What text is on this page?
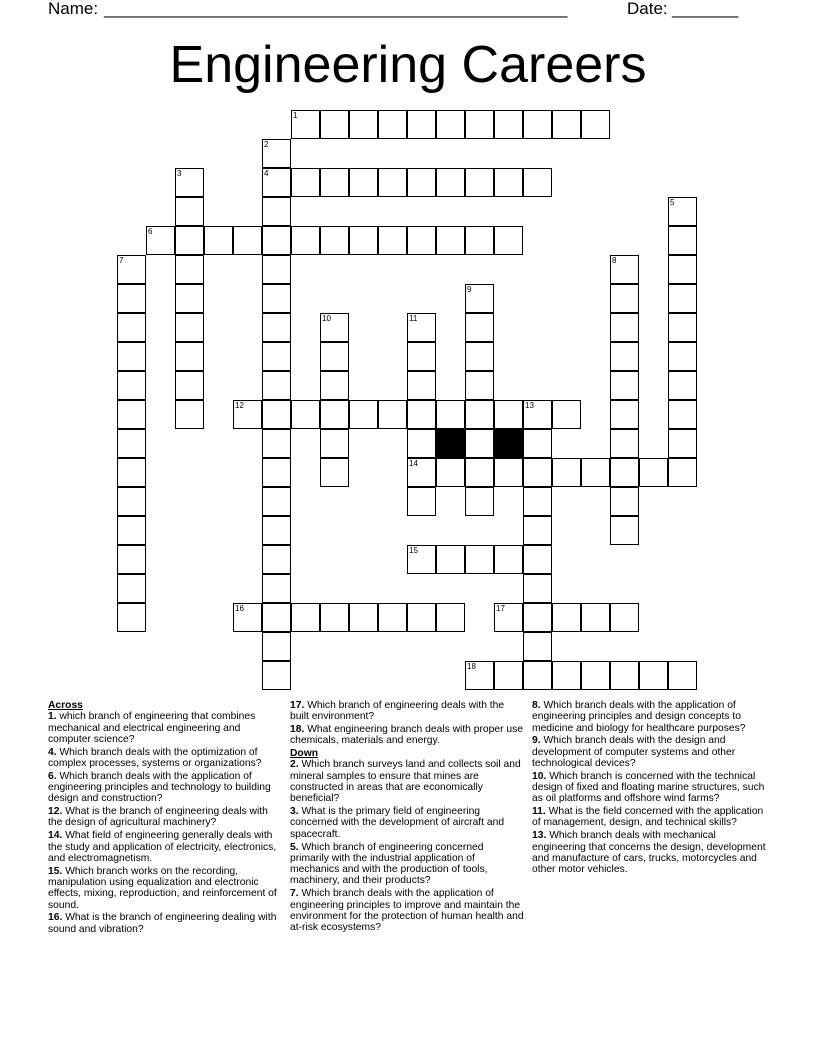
Name: _________________________________________________	Date: _______
Engineering Careers
1
2
3	4
5
6
7	8
9
10	11
12	13
14
15
16	17
18
Across
1. which branch of engineering that combines mechanical and electrical engineering and computer science?
4. Which branch deals with the optimization of complex processes, systems or organizations?
6. Which branch deals with the application of engineering principles and technology to building design and construction?
12. What is the branch of engineering deals with the design of agricultural machinery?
14. What field of engineering generally deals with the study and application of electricity, electronics, and electromagnetism.
15. Which branch works on the recording, manipulation using equalization and electronic effects, mixing, reproduction, and reinforcement of sound.
16. What is the branch of engineering dealing with sound and vibration?
17. Which branch of engineering deals with the built environment?
18. What engineering branch deals with proper use chemicals, materials and energy.
Down
2. Which branch surveys land and collects soil and mineral samples to ensure that mines are constructed in areas that are economically beneficial?
3. What is the primary field of engineering concerned with the development of aircraft and spacecraft.
5. Which branch of engineering concerned primarily with the industrial application of mechanics and with the production of tools, machinery, and their products?
7. Which branch deals with the application of engineering principles to improve and maintain the environment for the protection of human health and at-risk ecosystems?
8. Which branch deals with the application of engineering principles and design concepts to medicine and biology for healthcare purposes?
9. Which branch deals with the design and development of computer systems and other technological devices?
10. Which branch is concerned with the technical design of fixed and floating marine structures, such as oil platforms and offshore wind farms?
11. What is the field concerned with the application of management, design, and technical skills?
13. Which branch deals with mechanical engineering that concerns the design, development and manufacture of cars, trucks, motorcycles and other motor vehicles.
